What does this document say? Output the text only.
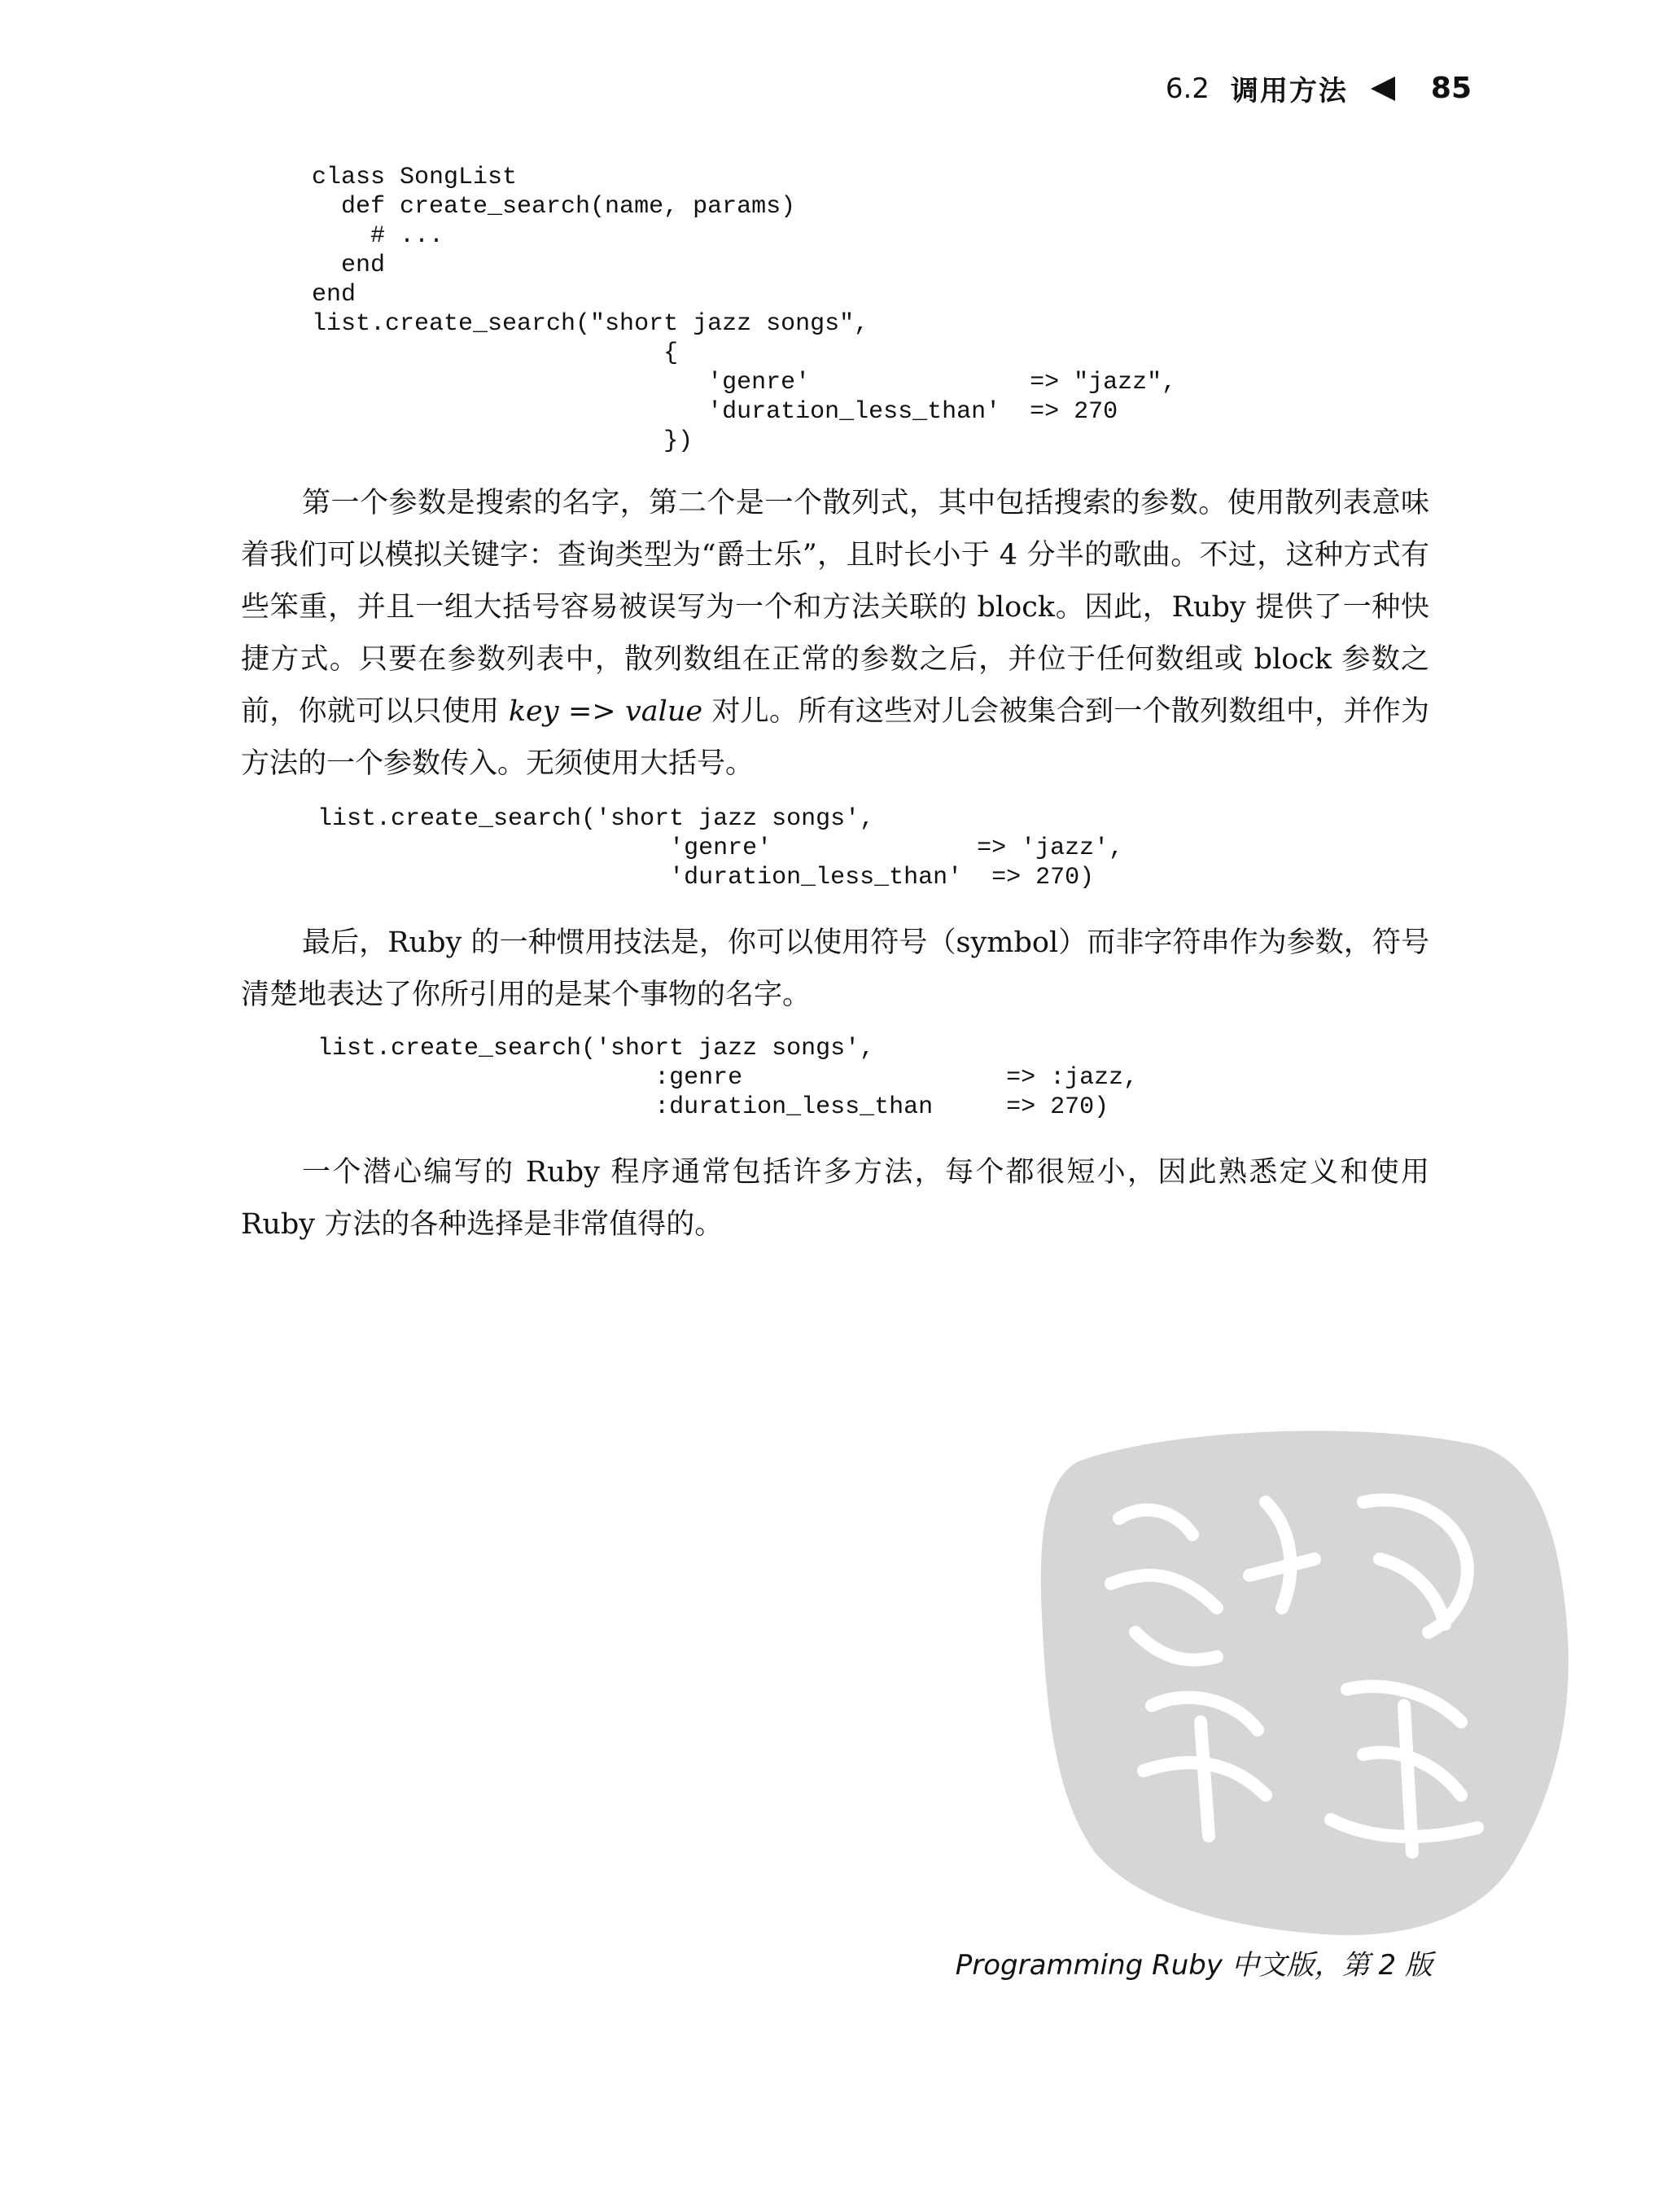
6.2 调用方法	85
class SongList
def create_search(name, params)
# ...
end
end
list.create_search("short jazz songs",
{
'genre'               => "jazz",
'duration_less_than'  => 270
})

第一个参数是搜索的名字，第二个是一个散列式，其中包括搜索的参数。使用散列表意味着我们可以模拟关键字：查询类型为“爵士乐”，且时长小于 4 分半的歌曲。不过，这种方式有些笨重，并且一组大括号容易被误写为一个和方法关联的 block。因此，Ruby 提供了一种快捷方式。只要在参数列表中，散列数组在正常的参数之后，并位于任何数组或 block 参数之前，你就可以只使用 key => value 对儿。所有这些对儿会被集合到一个散列数组中，并作为方法的一个参数传入。无须使用大括号。

list.create_search('short jazz songs',
'genre'              => 'jazz',
'duration_less_than'  => 270)

最后，Ruby 的一种惯用技法是，你可以使用符号（symbol）而非字符串作为参数，符号清楚地表达了你所引用的是某个事物的名字。

list.create_search('short jazz songs',
:genre                  => :jazz,
:duration_less_than     => 270)

一个潜心编写的 Ruby 程序通常包括许多方法，每个都很短小，因此熟悉定义和使用 Ruby 方法的各种选择是非常值得的。

Programming Ruby 中文版，第 2 版
